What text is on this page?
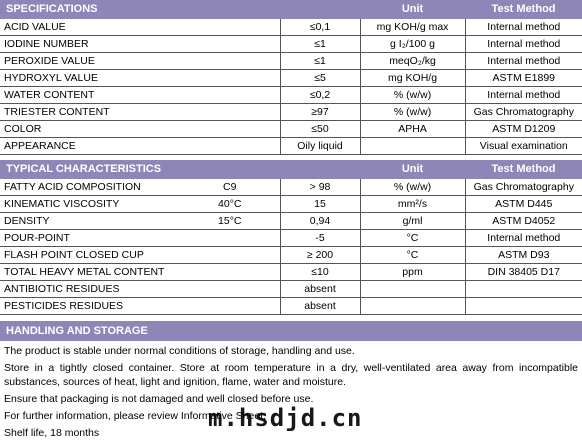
SPECIFICATIONS		Unit	Test Method
ACID VALUE	≤0,1	mg KOH/g max	Internal method
IODINE NUMBER	≤1	g I₂/100 g	Internal method
PEROXIDE VALUE	≤1	meqO₂/kg	Internal method
HYDROXYL VALUE	≤5	mg KOH/g	ASTM E1899
WATER CONTENT	≤0,2	% (w/w)	Internal method
TRIESTER CONTENT	≥97	% (w/w)	Gas Chromatography
COLOR	≤50	APHA	ASTM D1209
APPEARANCE	Oily liquid		Visual examination
TYPICAL CHARACTERISTICS			Unit	Test Method
FATTY ACID COMPOSITION	C9	> 98	% (w/w)	Gas Chromatography
KINEMATIC VISCOSITY	40°C	15	mm²/s	ASTM D445
DENSITY	15°C	0,94	g/ml	ASTM D4052
POUR-POINT		-5	°C	Internal method
FLASH POINT CLOSED CUP		≥ 200	°C	ASTM D93
TOTAL HEAVY METAL CONTENT		≤10	ppm	DIN 38405 D17
ANTIBIOTIC RESIDUES		absent		
PESTICIDES RESIDUES		absent		
HANDLING AND STORAGE

The product is stable under normal conditions of storage, handling and use.

Store in a tightly closed container. Store at room temperature in a dry, well-ventilated area away from incompatible substances, sources of heat, light and ignition, flame, water and moisture.

Ensure that packaging is not damaged and well closed before use.

For further information, please review Informative Sheet.

Shelf life, 18 months

m.hsdjd.cn
